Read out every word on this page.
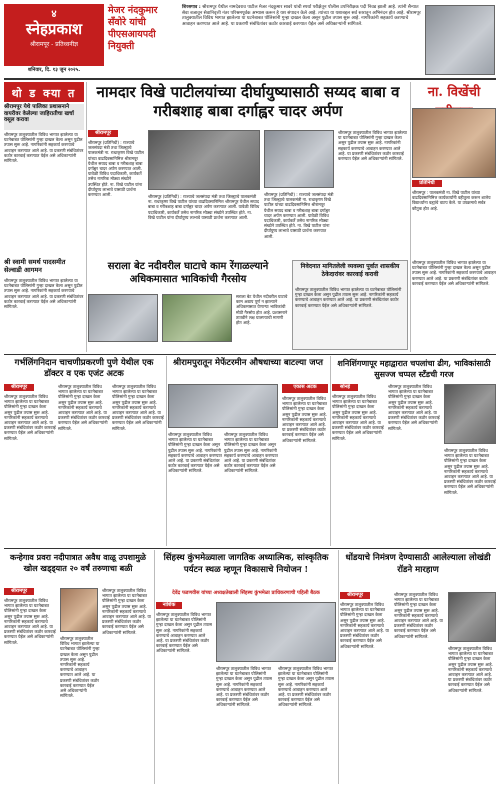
४
स्नेहप्रकाश
श्रीरामपूर - प्रतिध्वनीज्ञ
शनिवार, दि. १३ जुन २०२५.
मेजर नंदकुमार सँवोरे यांची पीएसआयपदी नियुक्ती
शिरसगाव : श्रीरामपूर येथील नामदेवराव पाटील मेजर नंदकुमार सावरे यांची स्पर्धा परीक्षेतून पोलीस उपनिरीक्षक पदी निवड झाली आहे. त्यांनी सैन्यात सेवा बजावून सेवानिवृत्ती नंतर परिश्रमपूर्वक अभ्यास करून हे यश संपादन केले आहे. त्यांच्या या यशाबद्दल सर्व स्तरातून अभिनंदन होत आहे. श्रीरामपूर तालुक्यातील विविध भागात झालेल्या या घटनेबाबत पोलिसांनी गुन्हा दाखल केला असून पुढील तपास सुरू आहे. नागरिकांनी सहकार्य करण्याचे आवाहन करण्यात आले आहे. या प्रकरणी संबंधितांवर कठोर कारवाई करण्यात येईल असे अधिकाऱ्यांनी सांगितले.
थो ड क्या त
श्रीरामपूर येथे पालिका प्रशासनाने वायरीवर केलेल्या जाहिरातीचा खर्चा वसूल करावा
श्रीरामपूर तालुक्यातील विविध भागात झालेल्या या घटनेबाबत पोलिसांनी गुन्हा दाखल केला असून पुढील तपास सुरू आहे. नागरिकांनी सहकार्य करण्याचे आवाहन करण्यात आले आहे. या प्रकरणी संबंधितांवर कठोर कारवाई करण्यात येईल असे अधिकाऱ्यांनी सांगितले.
श्री स्वामी समर्थ पादसमीत सेल्वाडी आगमन
श्रीरामपूर तालुक्यातील विविध भागात झालेल्या या घटनेबाबत पोलिसांनी गुन्हा दाखल केला असून पुढील तपास सुरू आहे. नागरिकांनी सहकार्य करण्याचे आवाहन करण्यात आले आहे. या प्रकरणी संबंधितांवर कठोर कारवाई करण्यात येईल असे अधिकाऱ्यांनी सांगितले.
नामदार विखे पाटीलयांच्या दीर्घायुष्यासाठी सय्यद बाबा व गरीबशाह बाबा दर्गाह्वर चादर अर्पण
ना. विखेंची
श्रीरामपूर
श्रीरामपूर (प्रतिनिधी) : राज्याचे जलसंपदा मंत्री तथा जिल्ह्याचे पालकमंत्री ना. राधाकृष्ण विखे पाटील यांच्या वाढदिवसानिमित्त श्रीरामपूर येथील सय्यद बाबा व गरीबशाह बाबा दर्गाह्वर चादर अर्पण करण्यात आली. यावेळी विविध पदाधिकारी, कार्यकर्ते तसेच नागरिक मोठ्या संख्येने उपस्थित होते. ना. विखे पाटील यांना दीर्घायुष्य लाभावे यासाठी प्रार्थना करण्यात आली.	श्रीरामपूर (प्रतिनिधी) : राज्याचे जलसंपदा मंत्री तथा जिल्ह्याचे पालकमंत्री ना. राधाकृष्ण विखे पाटील यांच्या वाढदिवसानिमित्त श्रीरामपूर येथील सय्यद बाबा व गरीबशाह बाबा दर्गाह्वर चादर अर्पण करण्यात आली. यावेळी विविध पदाधिकारी, कार्यकर्ते तसेच नागरिक मोठ्या संख्येने उपस्थित होते. ना. विखे पाटील यांना दीर्घायुष्य लाभावे यासाठी प्रार्थना करण्यात आली.
श्रीरामपूर (प्रतिनिधी) : राज्याचे जलसंपदा मंत्री तथा जिल्ह्याचे पालकमंत्री ना. राधाकृष्ण विखे पाटील यांच्या वाढदिवसानिमित्त श्रीरामपूर येथील सय्यद बाबा व गरीबशाह बाबा दर्गाह्वर चादर अर्पण करण्यात आली. यावेळी विविध पदाधिकारी, कार्यकर्ते तसेच नागरिक मोठ्या संख्येने उपस्थित होते. ना. विखे पाटील यांना दीर्घायुष्य लाभावे यासाठी प्रार्थना करण्यात आली.
श्रीरामपूर तालुक्यातील विविध भागात झालेल्या या घटनेबाबत पोलिसांनी गुन्हा दाखल केला असून पुढील तपास सुरू आहे. नागरिकांनी सहकार्य करण्याचे आवाहन करण्यात आले आहे. या प्रकरणी संबंधितांवर कठोर कारवाई करण्यात येईल असे अधिकाऱ्यांनी सांगितले.
प्रतिनिधी
श्रीरामपूर : पालकमंत्री ना. विखे पाटील यांच्या वाढदिवसानिमित्त कार्यकर्त्यांनी वहीतुला करून शालेय विद्यार्थ्यांना वह्यांचे वाटप केले. या उपक्रमाचे सर्वत्र कौतुक होत आहे.
सराला बेट नदीवरील घाटाचे काम रेंगाळल्याने अधिकमासात भाविकांची गैरसोय
सराला बेट येथील नदीवरील घाटाचे काम अद्याप पूर्ण न झाल्याने अधिकमासात येणाऱ्या भाविकांची मोठी गैरसोय होत आहे. प्रशासनाने तातडीने लक्ष घालण्याची मागणी होत आहे.
निवेदनात मागितलेली व्यवस्था पूर्वात शासकीय ठेकेदारांवर कारवाई करावी
श्रीरामपूर तालुक्यातील विविध भागात झालेल्या या घटनेबाबत पोलिसांनी गुन्हा दाखल केला असून पुढील तपास सुरू आहे. नागरिकांनी सहकार्य करण्याचे आवाहन करण्यात आले आहे. या प्रकरणी संबंधितांवर कठोर कारवाई करण्यात येईल असे अधिकाऱ्यांनी सांगितले.
श्रीरामपूर तालुक्यातील विविध भागात झालेल्या या घटनेबाबत पोलिसांनी गुन्हा दाखल केला असून पुढील तपास सुरू आहे. नागरिकांनी सहकार्य करण्याचे आवाहन करण्यात आले आहे. या प्रकरणी संबंधितांवर कठोर कारवाई करण्यात येईल असे अधिकाऱ्यांनी सांगितले.
गर्भलिंगनिदान चाचणीप्रकरणी पुणे येथील एक डॉक्टर व एक एजंट अटक
श्रीरामपूर
श्रीरामपूर तालुक्यातील विविध भागात झालेल्या या घटनेबाबत पोलिसांनी गुन्हा दाखल केला असून पुढील तपास सुरू आहे. नागरिकांनी सहकार्य करण्याचे आवाहन करण्यात आले आहे. या प्रकरणी संबंधितांवर कठोर कारवाई करण्यात येईल असे अधिकाऱ्यांनी सांगितले.
श्रीरामपूर तालुक्यातील विविध भागात झालेल्या या घटनेबाबत पोलिसांनी गुन्हा दाखल केला असून पुढील तपास सुरू आहे. नागरिकांनी सहकार्य करण्याचे आवाहन करण्यात आले आहे. या प्रकरणी संबंधितांवर कठोर कारवाई करण्यात येईल असे अधिकाऱ्यांनी सांगितले.
श्रीरामपूर तालुक्यातील विविध भागात झालेल्या या घटनेबाबत पोलिसांनी गुन्हा दाखल केला असून पुढील तपास सुरू आहे. नागरिकांनी सहकार्य करण्याचे आवाहन करण्यात आले आहे. या प्रकरणी संबंधितांवर कठोर कारवाई करण्यात येईल असे अधिकाऱ्यांनी सांगितले.
श्रीरामपुरातून मेफेंटरमीन औषधाच्या बाटल्या जप्त
एकास अटक
श्रीरामपूर तालुक्यातील विविध भागात झालेल्या या घटनेबाबत पोलिसांनी गुन्हा दाखल केला असून पुढील तपास सुरू आहे. नागरिकांनी सहकार्य करण्याचे आवाहन करण्यात आले आहे. या प्रकरणी संबंधितांवर कठोर कारवाई करण्यात येईल असे अधिकाऱ्यांनी सांगितले.
श्रीरामपूर तालुक्यातील विविध भागात झालेल्या या घटनेबाबत पोलिसांनी गुन्हा दाखल केला असून पुढील तपास सुरू आहे. नागरिकांनी सहकार्य करण्याचे आवाहन करण्यात आले आहे. या प्रकरणी संबंधितांवर कठोर कारवाई करण्यात येईल असे अधिकाऱ्यांनी सांगितले.
श्रीरामपूर तालुक्यातील विविध भागात झालेल्या या घटनेबाबत पोलिसांनी गुन्हा दाखल केला असून पुढील तपास सुरू आहे. नागरिकांनी सहकार्य करण्याचे आवाहन करण्यात आले आहे. या प्रकरणी संबंधितांवर कठोर कारवाई करण्यात येईल असे अधिकाऱ्यांनी सांगितले.
शनिशिंगणापूर महाद्वारात चपलांचा ढीग, भाविकांसाठी सुसज्ज चप्पल स्टँडची गरज
सोनई
श्रीरामपूर तालुक्यातील विविध भागात झालेल्या या घटनेबाबत पोलिसांनी गुन्हा दाखल केला असून पुढील तपास सुरू आहे. नागरिकांनी सहकार्य करण्याचे आवाहन करण्यात आले आहे. या प्रकरणी संबंधितांवर कठोर कारवाई करण्यात येईल असे अधिकाऱ्यांनी सांगितले.
श्रीरामपूर तालुक्यातील विविध भागात झालेल्या या घटनेबाबत पोलिसांनी गुन्हा दाखल केला असून पुढील तपास सुरू आहे. नागरिकांनी सहकार्य करण्याचे आवाहन करण्यात आले आहे. या प्रकरणी संबंधितांवर कठोर कारवाई करण्यात येईल असे अधिकाऱ्यांनी सांगितले.
श्रीरामपूर तालुक्यातील विविध भागात झालेल्या या घटनेबाबत पोलिसांनी गुन्हा दाखल केला असून पुढील तपास सुरू आहे. नागरिकांनी सहकार्य करण्याचे आवाहन करण्यात आले आहे. या प्रकरणी संबंधितांवर कठोर कारवाई करण्यात येईल असे अधिकाऱ्यांनी सांगितले.
कन्हेगाव प्रवरा नदीपात्रात अवैध वाळू उपशामुळे खोल खड्ड्यात २० वर्षं तरुणाचा बळी
श्रीरामपूर
श्रीरामपूर तालुक्यातील विविध भागात झालेल्या या घटनेबाबत पोलिसांनी गुन्हा दाखल केला असून पुढील तपास सुरू आहे. नागरिकांनी सहकार्य करण्याचे आवाहन करण्यात आले आहे. या प्रकरणी संबंधितांवर कठोर कारवाई करण्यात येईल असे अधिकाऱ्यांनी सांगितले.
श्रीरामपूर तालुक्यातील विविध भागात झालेल्या या घटनेबाबत पोलिसांनी गुन्हा दाखल केला असून पुढील तपास सुरू आहे. नागरिकांनी सहकार्य करण्याचे आवाहन करण्यात आले आहे. या प्रकरणी संबंधितांवर कठोर कारवाई करण्यात येईल असे अधिकाऱ्यांनी सांगितले.
श्रीरामपूर तालुक्यातील विविध भागात झालेल्या या घटनेबाबत पोलिसांनी गुन्हा दाखल केला असून पुढील तपास सुरू आहे. नागरिकांनी सहकार्य करण्याचे आवाहन करण्यात आले आहे. या प्रकरणी संबंधितांवर कठोर कारवाई करण्यात येईल असे अधिकाऱ्यांनी सांगितले.
सिंहस्थ कुंभमेळ्याला जागतिक अध्यात्मिक, सांस्कृतिक पर्यटन स्थळ म्हणून विकासाचे नियोजन !
देवेंद्र फडणवीस यांच्या अध्यक्षतेखाली सिंहस्थ कुंभमेळा प्राधिकरणाची पहिली बैठक
नाशिक
श्रीरामपूर तालुक्यातील विविध भागात झालेल्या या घटनेबाबत पोलिसांनी गुन्हा दाखल केला असून पुढील तपास सुरू आहे. नागरिकांनी सहकार्य करण्याचे आवाहन करण्यात आले आहे. या प्रकरणी संबंधितांवर कठोर कारवाई करण्यात येईल असे अधिकाऱ्यांनी सांगितले.
श्रीरामपूर तालुक्यातील विविध भागात झालेल्या या घटनेबाबत पोलिसांनी गुन्हा दाखल केला असून पुढील तपास सुरू आहे. नागरिकांनी सहकार्य करण्याचे आवाहन करण्यात आले आहे. या प्रकरणी संबंधितांवर कठोर कारवाई करण्यात येईल असे अधिकाऱ्यांनी सांगितले.
श्रीरामपूर तालुक्यातील विविध भागात झालेल्या या घटनेबाबत पोलिसांनी गुन्हा दाखल केला असून पुढील तपास सुरू आहे. नागरिकांनी सहकार्य करण्याचे आवाहन करण्यात आले आहे. या प्रकरणी संबंधितांवर कठोर कारवाई करण्यात येईल असे अधिकाऱ्यांनी सांगितले.
धोंडयाचे निमंत्रण देण्यासाठी आलेल्याला लोखंडी रॉडने मारहाण
श्रीरामपूर
श्रीरामपूर तालुक्यातील विविध भागात झालेल्या या घटनेबाबत पोलिसांनी गुन्हा दाखल केला असून पुढील तपास सुरू आहे. नागरिकांनी सहकार्य करण्याचे आवाहन करण्यात आले आहे. या प्रकरणी संबंधितांवर कठोर कारवाई करण्यात येईल असे अधिकाऱ्यांनी सांगितले.
श्रीरामपूर तालुक्यातील विविध भागात झालेल्या या घटनेबाबत पोलिसांनी गुन्हा दाखल केला असून पुढील तपास सुरू आहे. नागरिकांनी सहकार्य करण्याचे आवाहन करण्यात आले आहे. या प्रकरणी संबंधितांवर कठोर कारवाई करण्यात येईल असे अधिकाऱ्यांनी सांगितले.
श्रीरामपूर तालुक्यातील विविध भागात झालेल्या या घटनेबाबत पोलिसांनी गुन्हा दाखल केला असून पुढील तपास सुरू आहे. नागरिकांनी सहकार्य करण्याचे आवाहन करण्यात आले आहे. या प्रकरणी संबंधितांवर कठोर कारवाई करण्यात येईल असे अधिकाऱ्यांनी सांगितले.
